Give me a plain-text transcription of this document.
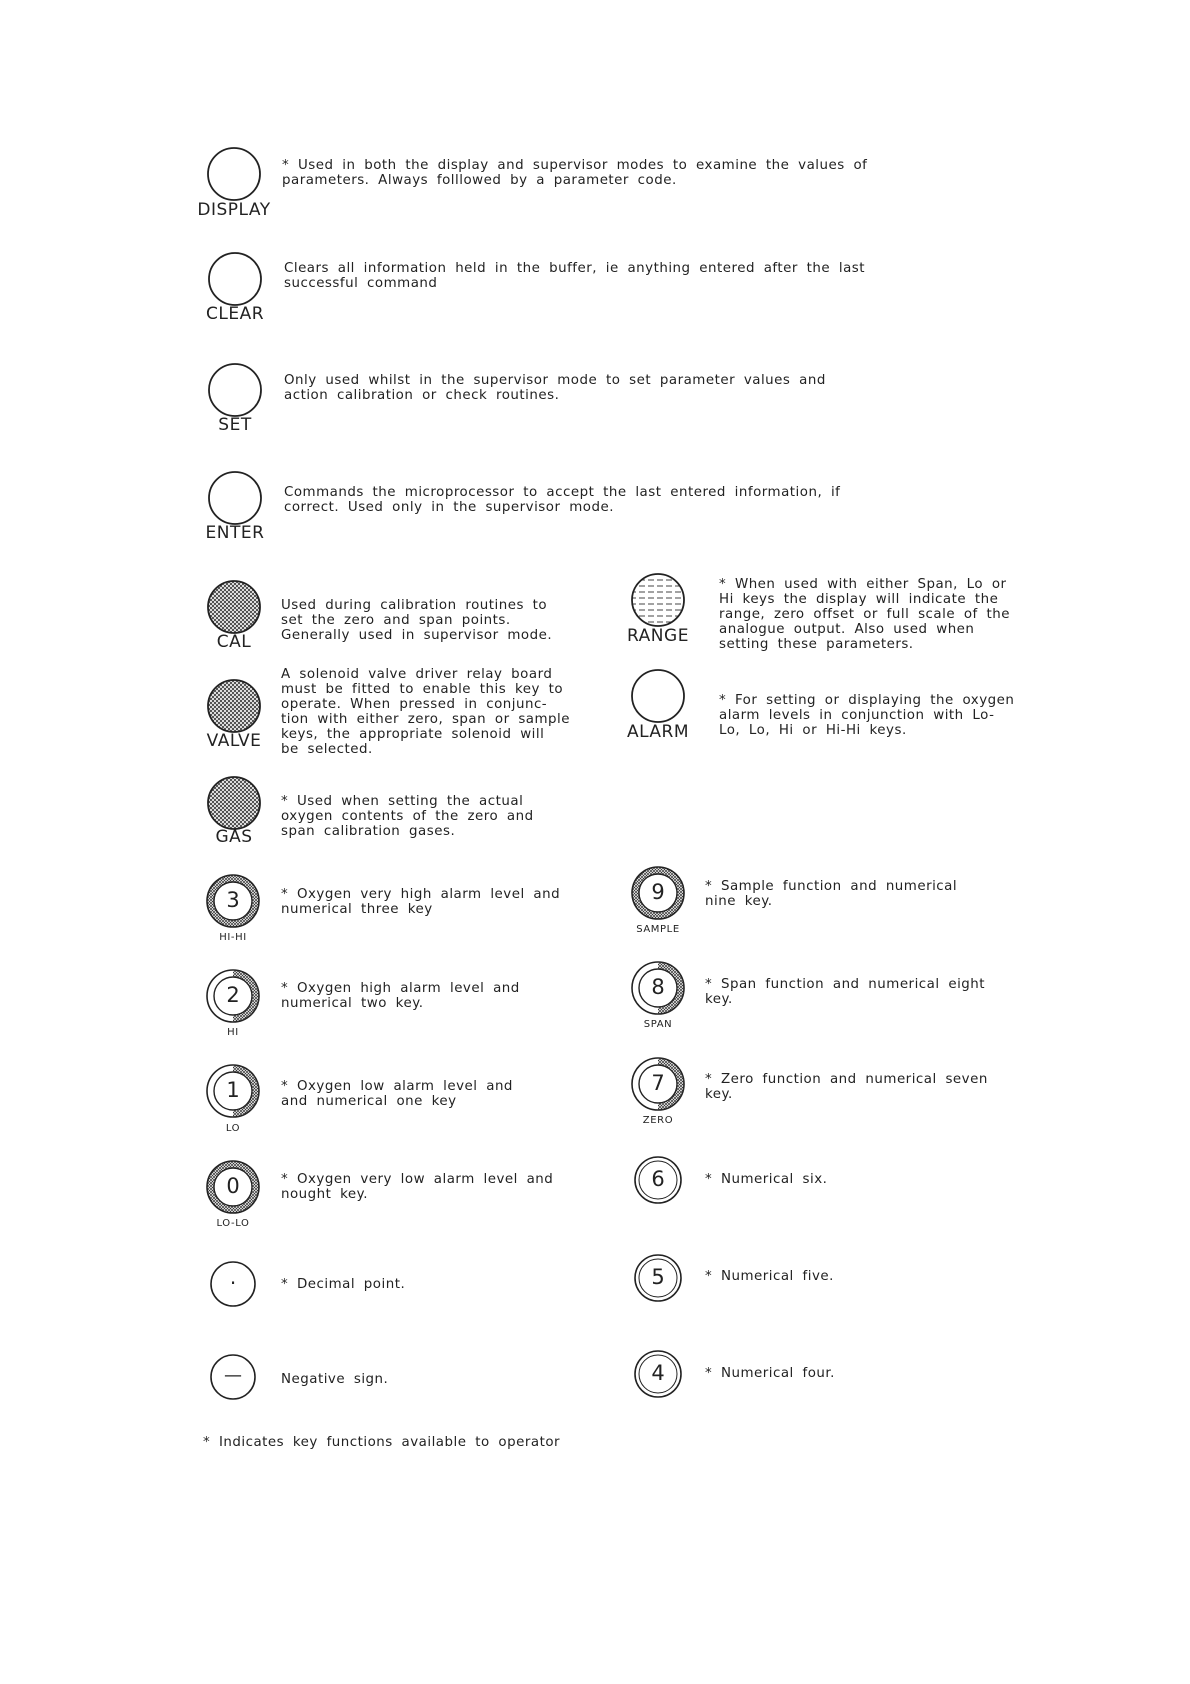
DISPLAY
* Used in both the display and supervisor modes to examine the values of
parameters. Always folllowed by a parameter code.
CLEAR
Clears all information held in the buffer, ie anything entered after the last
successful command
SET
Only used whilst in the supervisor mode to set parameter values and
action calibration or check routines.
ENTER
Commands the microprocessor to accept the last entered information, if
correct. Used only in the supervisor mode.
CAL
Used during calibration routines to
set the zero and span points.
Generally used in supervisor mode.	RANGE
* When used with either Span, Lo or
Hi keys the display will indicate the
range, zero offset or full scale of the
analogue output. Also used when
setting these parameters.
VALVE
A solenoid valve driver relay board
must be fitted to enable this key to
operate. When pressed in conjunc-
tion with either zero, span or sample
keys, the appropriate solenoid will
be selected.
ALARM
* For setting or displaying the oxygen
alarm levels in conjunction with Lo-
Lo, Lo, Hi or Hi-Hi keys.
GAS
* Used when setting the actual
oxygen contents of the zero and
span calibration gases.
3
HI-HI
* Oxygen very high alarm level and
numerical three key
2
HI
* Oxygen high alarm level and
numerical two key.
1
LO
* Oxygen low alarm level and
and numerical one key
0
LO-LO
* Oxygen very low alarm level and
nought key.
·	* Decimal point.
—	Negative sign.
9
SAMPLE
* Sample function and numerical
nine key.
8
SPAN
* Span function and numerical eight
key.
7
ZERO
* Zero function and numerical seven
key.
6	* Numerical six.
5	* Numerical five.
4	* Numerical four.
* Indicates key functions available to operator
